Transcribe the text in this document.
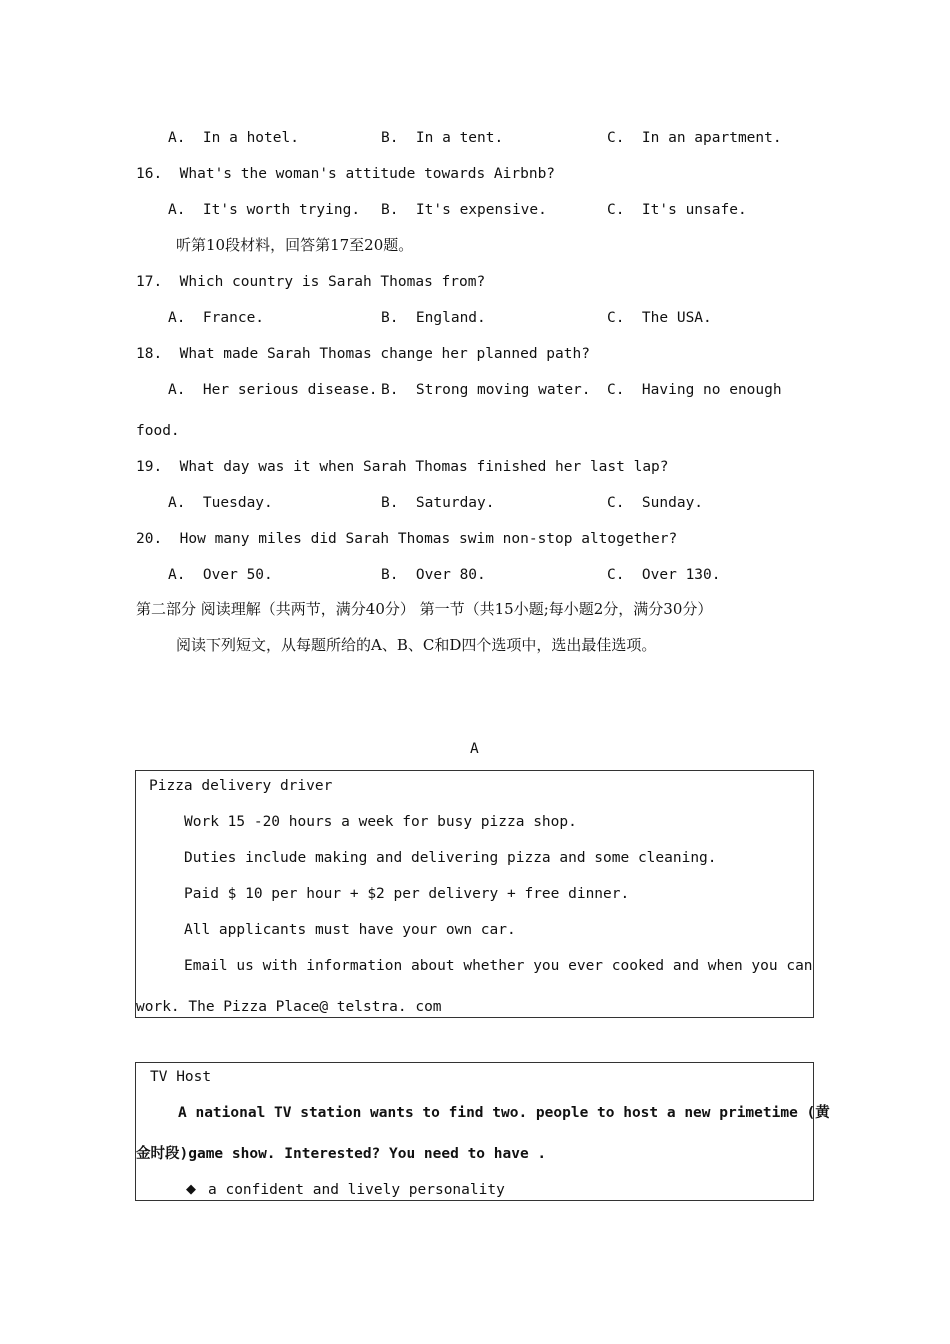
A.  In a hotel.	B.  In a tent.	C.  In an apartment.
16.  What's the woman's attitude towards Airbnb?
A.  It's worth trying. B.  It's expensive.	C.  It's unsafe.
听第10段材料，回答第17至20题。
17.  Which country is Sarah Thomas from?
A.  France.	B.  England.	C.  The USA.
18.  What made Sarah Thomas change her planned path?
A.  Her serious disease. B.  Strong moving water. C.  Having no enough
food.
19.  What day was it when Sarah Thomas finished her last lap?
A.  Tuesday.	B.  Saturday.	C.  Sunday.
20.  How many miles did Sarah Thomas swim non-stop altogether?
A.  Over 50.	B.  Over 80.	C.  Over 130.
第二部分 阅读理解（共两节，满分40分） 第一节（共15小题;每小题2分，满分30分）
阅读下列短文，从每题所给的A、B、C和D四个选项中，选出最佳选项。
A
Pizza delivery driver
Work 15 -20 hours a week for busy pizza shop.
Duties include making and delivering pizza and some cleaning.
Paid $ 10 per hour + $2 per delivery + free dinner.
All applicants must have your own car.
Email us with information about whether you ever cooked and when you can
work. The Pizza Place@ telstra. com
TV Host
A national TV station wants to find two. people to host a new primetime (黄
金时段)game show. Interested? You need to have .
◆ a confident and lively personality
